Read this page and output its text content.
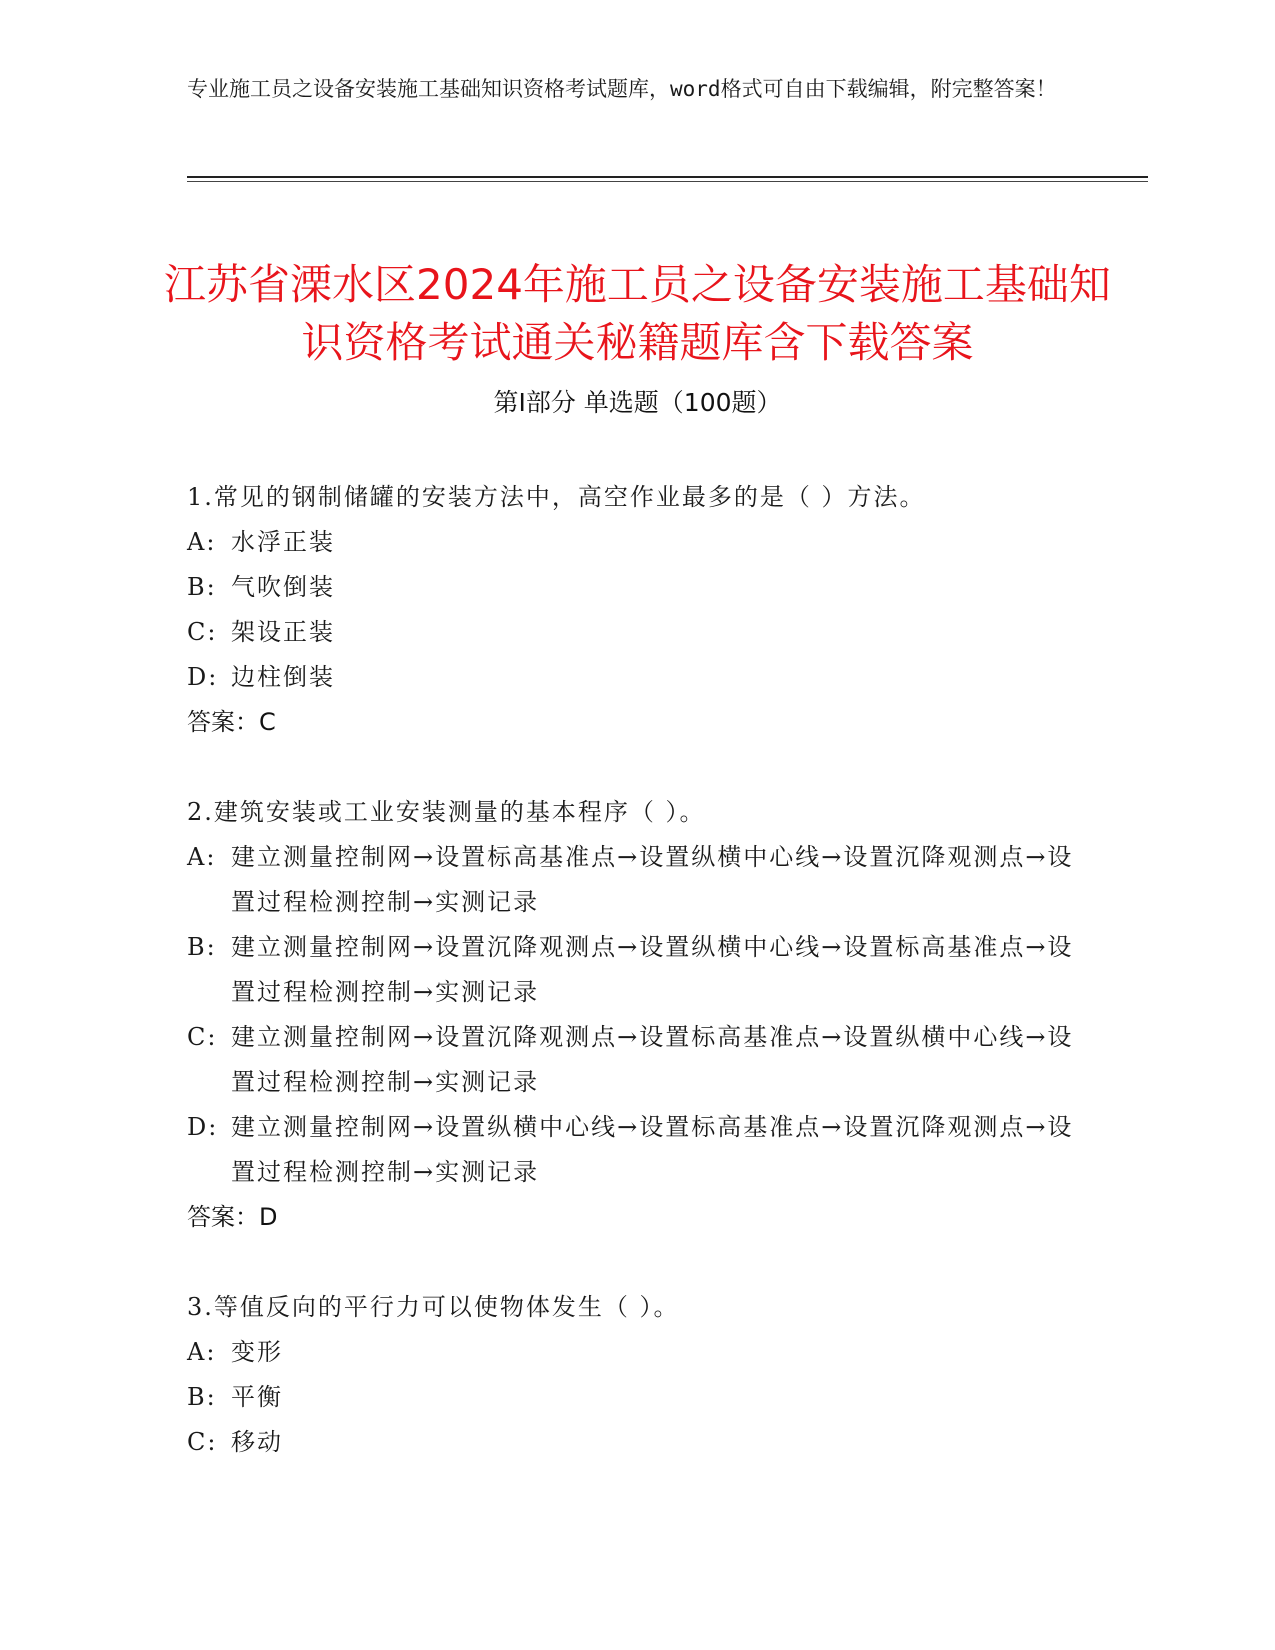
专业施工员之设备安装施工基础知识资格考试题库，word格式可自由下载编辑，附完整答案！
江苏省溧水区2024年施工员之设备安装施工基础知识资格考试通关秘籍题库含下载答案
第I部分 单选题（100题）

1.常见的钢制储罐的安装方法中，高空作业最多的是（ ）方法。

A: 水浮正装

B: 气吹倒装

C: 架设正装

D: 边柱倒装

答案：C

2.建筑安装或工业安装测量的基本程序（ ）。

A: 建立测量控制网→设置标高基准点→设置纵横中心线→设置沉降观测点→设置过程检测控制→实测记录

B: 建立测量控制网→设置沉降观测点→设置纵横中心线→设置标高基准点→设置过程检测控制→实测记录

C: 建立测量控制网→设置沉降观测点→设置标高基准点→设置纵横中心线→设置过程检测控制→实测记录

D: 建立测量控制网→设置纵横中心线→设置标高基准点→设置沉降观测点→设置过程检测控制→实测记录

答案：D

3.等值反向的平行力可以使物体发生（ ）。

A: 变形

B: 平衡

C: 移动
